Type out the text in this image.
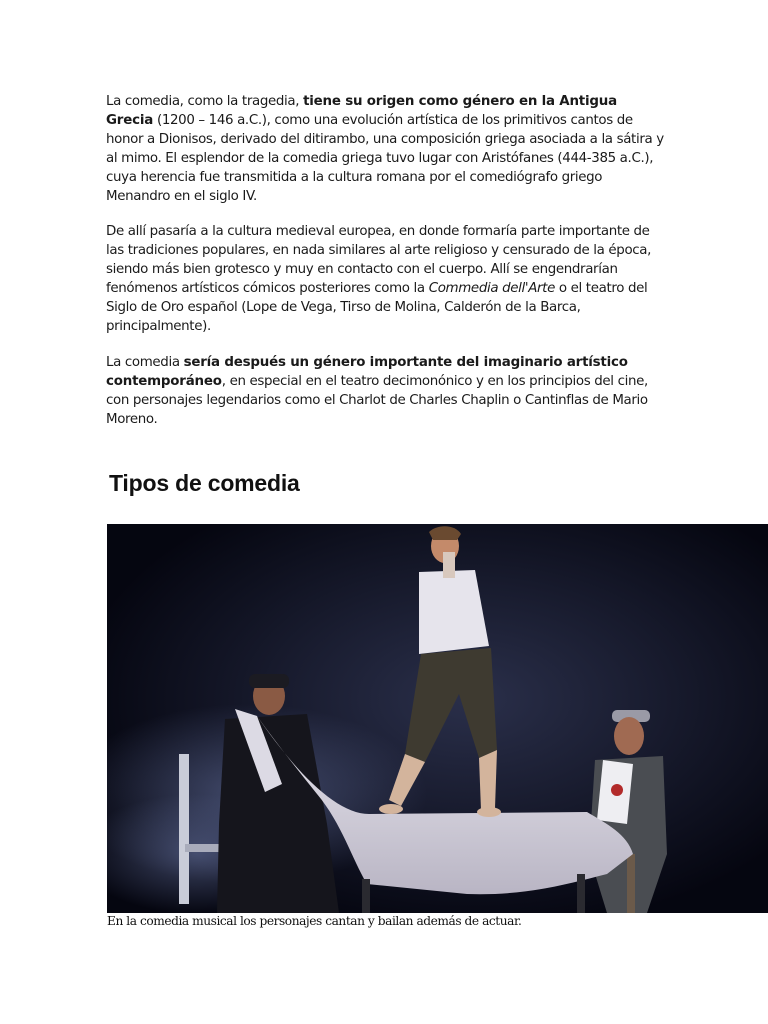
La comedia, como la tragedia, tiene su origen como género en la Antigua Grecia (1200 – 146 a.C.), como una evolución artística de los primitivos cantos de honor a Dionisos, derivado del ditirambo, una composición griega asociada a la sátira y al mimo. El esplendor de la comedia griega tuvo lugar con Aristófanes (444-385 a.C.), cuya herencia fue transmitida a la cultura romana por el comediógrafo griego Menandro en el siglo IV.

De allí pasaría a la cultura medieval europea, en donde formaría parte importante de las tradiciones populares, en nada similares al arte religioso y censurado de la época, siendo más bien grotesco y muy en contacto con el cuerpo. Allí se engendrarían fenómenos artísticos cómicos posteriores como la Commedia dell'Arte o el teatro del Siglo de Oro español (Lope de Vega, Tirso de Molina, Calderón de la Barca, principalmente).

La comedia sería después un género importante del imaginario artístico contemporáneo, en especial en el teatro decimonónico y en los principios del cine, con personajes legendarios como el Charlot de Charles Chaplin o Cantinflas de Mario Moreno.

Tipos de comedia

En la comedia musical los personajes cantan y bailan además de actuar.
